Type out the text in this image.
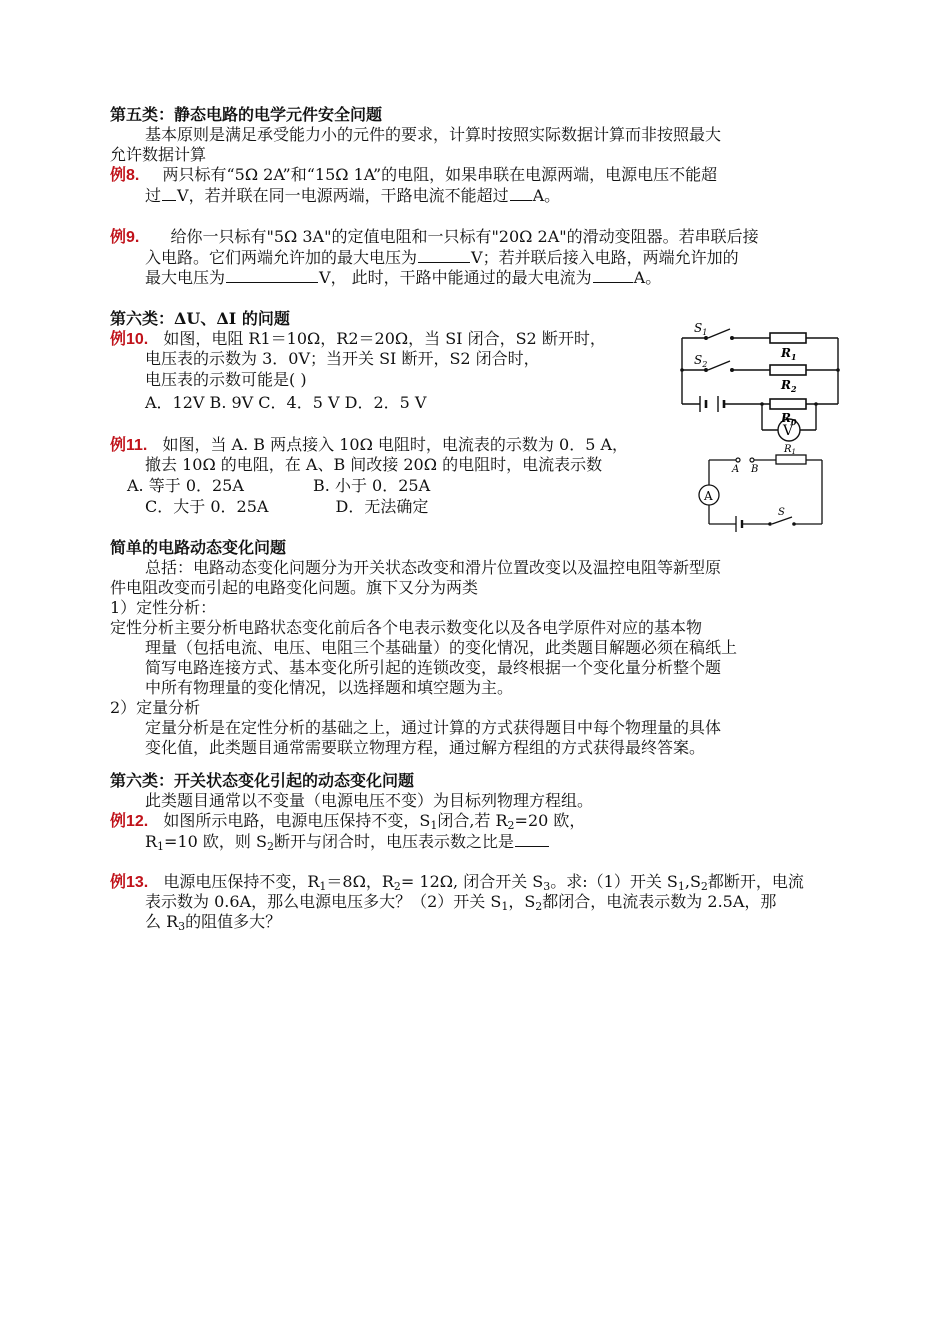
第五类：静态电路的电学元件安全问题
基本原则是满足承受能力小的元件的要求，计算时按照实际数据计算而非按照最大
允许数据计算
例8. 两只标有“5Ω 2A”和“15Ω 1A”的电阻，如果串联在电源两端，电源电压不能超
过 V，若并联在同一电源两端，干路电流不能超过 A。
例9. 给你一只标有"5Ω 3A"的定值电阻和一只标有"20Ω 2A"的滑动变阻器。若串联后接
入电路。它们两端允许加的最大电压为	V；若并联后接入电路，两端允许加的
最大电压为	V， 此时，干路中能通过的最大电流为	A。
第六类：ΔU、ΔI 的问题
例10. 如图，电阻 R1＝10Ω，R2＝20Ω，当 SI 闭合，S2 断开时，
电压表的示数为 3．0V；当开关 SI 断开，S2 闭合时，
电压表的示数可能是( )
A．12V B. 9V C．4．5 V D．2．5 V
V
$S_1$
$S_2$
$R_1$
$R_2$
$R_0$
例11. 如图，当 A. B 两点接入 10Ω 电阻时，电流表的示数为 0．5 A，
撤去 10Ω 的电阻，在 A、B 间改接 20Ω 的电阻时，电流表示数
A. 等于 0．25A	B. 小于 0．25A
C．大于 0．25A	D．无法确定
A
A B
$R_1$
S
简单的电路动态变化问题
总括：电路动态变化问题分为开关状态改变和滑片位置改变以及温控电阻等新型原
件电阻改变而引起的电路变化问题。旗下又分为两类
1）定性分析：
定性分析主要分析电路状态变化前后各个电表示数变化以及各电学原件对应的基本物
理量（包括电流、电压、电阻三个基础量）的变化情况，此类题目解题必须在稿纸上
简写电路连接方式、基本变化所引起的连锁改变，最终根据一个变化量分析整个题
中所有物理量的变化情况，以选择题和填空题为主。
2）定量分析
定量分析是在定性分析的基础之上，通过计算的方式获得题目中每个物理量的具体
变化值，此类题目通常需要联立物理方程，通过解方程组的方式获得最终答案。
第六类：开关状态变化引起的动态变化问题
此类题目通常以不变量（电源电压不变）为目标列物理方程组。
例12. 如图所示电路，电源电压保持不变，$S_1$闭合,若 $R_2=20$ 欧，
$R_1=10$ 欧，则 $S_2$断开与闭合时，电压表示数之比是
例13. 电源电压保持不变，$R_1=8\Omega$，$R_2= 12\Omega$, 闭合开关 $S_3$。求:（1）开关 $S_1,S_2$都断开，电流
表示数为 0.6A，那么电源电压多大？（2）开关 $S_1$，$S_2$都闭合，电流表示数为 2.5A，那
么 $R_3$的阻值多大？
